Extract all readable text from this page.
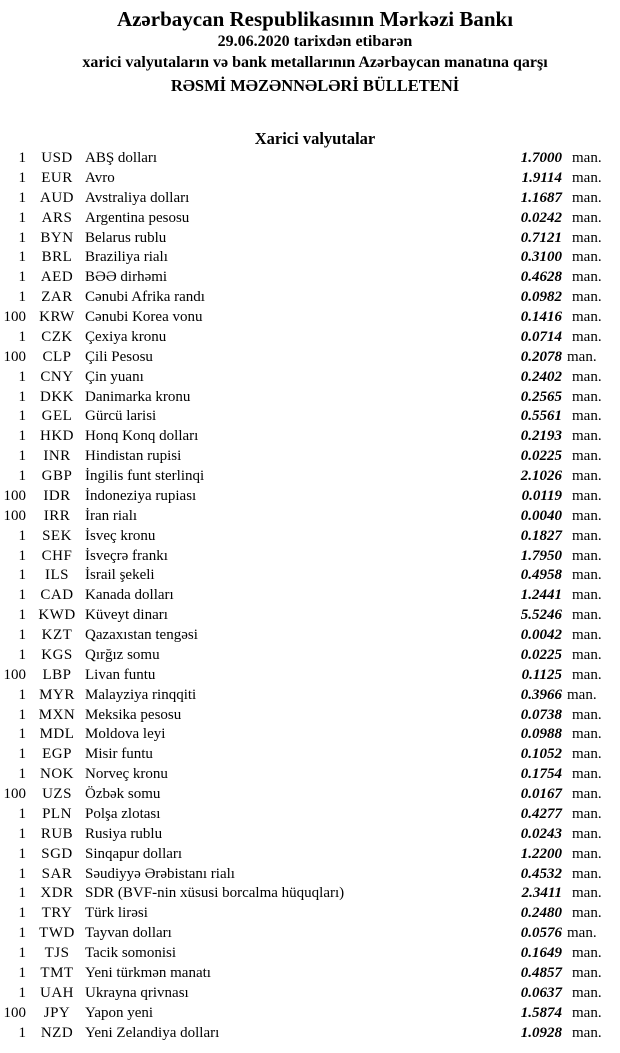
Azərbaycan Respublikasının Mərkəzi Bankı

29.06.2020 tarixdən etibarən

xarici valyutaların və bank metallarının Azərbaycan manatına qarşı

RƏSMİ MƏZƏNNƏLƏRİ BÜLLETENİ

Xarici valyutalar
1	USD ABŞ dolları	1.7000 man.
1	EUR Avro	1.9114 man.
1 AUD Avstraliya dolları	1.1687 man.
1	ARS Argentina pesosu	0.0242 man.
1 BYN Belarus rublu	0.7121 man.
1	BRL Braziliya rialı	0.3100 man.
1 AED BƏƏ dirhəmi	0.4628 man.
1	ZAR Cənubi Afrika randı	0.0982 man.
100 KRW Cənubi Korea vonu	0.1416 man.
1	CZK Çexiya kronu	0.0714 man.
100	CLP Çili Pesosu	0.2078 man.
1 CNY Çin yuanı	0.2402 man.
1 DKK Danimarka kronu	0.2565 man.
1	GEL Gürcü larisi	0.5561 man.
1 HKD Honq Konq dolları	0.2193 man.
1	INR Hindistan rupisi	0.0225 man.
1	GBP İngilis funt sterlinqi	2.1026 man.
100	IDR İndoneziya rupiası	0.0119 man.
100	IRR İran rialı	0.0040 man.
1	SEK İsveç kronu	0.1827 man.
1	CHF İsveçrə frankı	1.7950 man.
1	ILS	İsrail şekeli	0.4958 man.
1 CAD Kanada dolları	1.2441 man.
1 KWD Küveyt dinarı	5.5246 man.
1	KZT Qazaxıstan tengəsi	0.0042 man.
1	KGS Qırğız somu	0.0225 man.
100	LBP Livan funtu	0.1125 man.
1 MYR Malayziya rinqqiti	0.3966 man.
1 MXN Meksika pesosu	0.0738 man.
1 MDL Moldova leyi	0.0988 man.
1	EGP Misir funtu	0.1052 man.
1 NOK Norveç kronu	0.1754 man.
100	UZS Özbək somu	0.0167 man.
1	PLN Polşa zlotası	0.4277 man.
1 RUB Rusiya rublu	0.0243 man.
1	SGD Sinqapur dolları	1.2200 man.
1	SAR Səudiyyə Ərəbistanı rialı	0.4532 man.
1 XDR SDR (BVF-nin xüsusi borcalma hüquqları)	2.3411 man.
1	TRY Türk lirəsi	0.2480 man.
1 TWD Tayvan dolları	0.0576 man.
1	TJS	Tacik somonisi	0.1649 man.
1 TMT Yeni türkmən manatı	0.4857 man.
1 UAH Ukrayna qrivnası	0.0637 man.
100	JPY Yapon yeni	1.5874 man.
1 NZD Yeni Zelandiya dolları	1.0928 man.
